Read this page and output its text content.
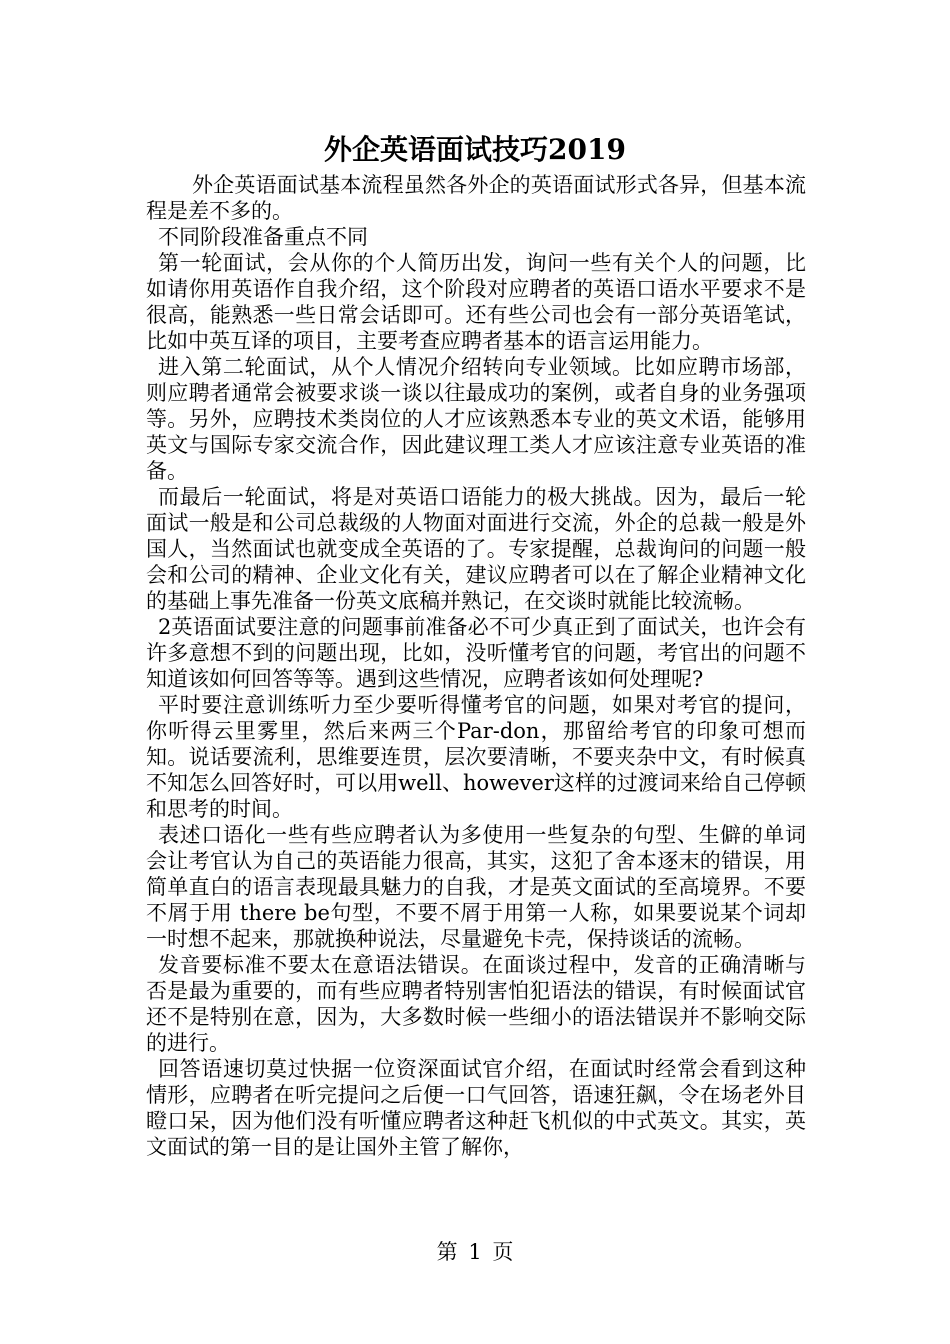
外企英语面试技巧2019

外企英语面试基本流程虽然各外企的英语面试形式各异，但基本流程是差不多的。

不同阶段准备重点不同

第一轮面试，会从你的个人简历出发，询问一些有关个人的问题，比如请你用英语作自我介绍，这个阶段对应聘者的英语口语水平要求不是很高，能熟悉一些日常会话即可。还有些公司也会有一部分英语笔试，比如中英互译的项目，主要考查应聘者基本的语言运用能力。

进入第二轮面试，从个人情况介绍转向专业领域。比如应聘市场部，则应聘者通常会被要求谈一谈以往最成功的案例，或者自身的业务强项等。另外，应聘技术类岗位的人才应该熟悉本专业的英文术语，能够用英文与国际专家交流合作，因此建议理工类人才应该注意专业英语的准备。

而最后一轮面试，将是对英语口语能力的极大挑战。因为，最后一轮面试一般是和公司总裁级的人物面对面进行交流，外企的总裁一般是外国人，当然面试也就变成全英语的了。专家提醒，总裁询问的问题一般会和公司的精神、企业文化有关，建议应聘者可以在了解企业精神文化的基础上事先准备一份英文底稿并熟记，在交谈时就能比较流畅。

2英语面试要注意的问题事前准备必不可少真正到了面试关，也许会有许多意想不到的问题出现，比如，没听懂考官的问题，考官出的问题不知道该如何回答等等。遇到这些情况，应聘者该如何处理呢?

平时要注意训练听力至少要听得懂考官的问题，如果对考官的提问，你听得云里雾里，然后来两三个Par-don，那留给考官的印象可想而知。说话要流利，思维要连贯，层次要清晰，不要夹杂中文，有时候真不知怎么回答好时，可以用well、however这样的过渡词来给自己停顿和思考的时间。

表述口语化一些有些应聘者认为多使用一些复杂的句型、生僻的单词会让考官认为自己的英语能力很高，其实，这犯了舍本逐末的错误，用简单直白的语言表现最具魅力的自我，才是英文面试的至高境界。不要不屑于用 there be句型，不要不屑于用第一人称，如果要说某个词却一时想不起来，那就换种说法，尽量避免卡壳，保持谈话的流畅。

发音要标准不要太在意语法错误。在面谈过程中，发音的正确清晰与否是最为重要的，而有些应聘者特别害怕犯语法的错误，有时候面试官还不是特别在意，因为，大多数时候一些细小的语法错误并不影响交际的进行。

回答语速切莫过快据一位资深面试官介绍，在面试时经常会看到这种情形，应聘者在听完提问之后便一口气回答，语速狂飙，令在场老外目瞪口呆，因为他们没有听懂应聘者这种赶飞机似的中式英文。其实，英文面试的第一目的是让国外主管了解你，

第 1 页
